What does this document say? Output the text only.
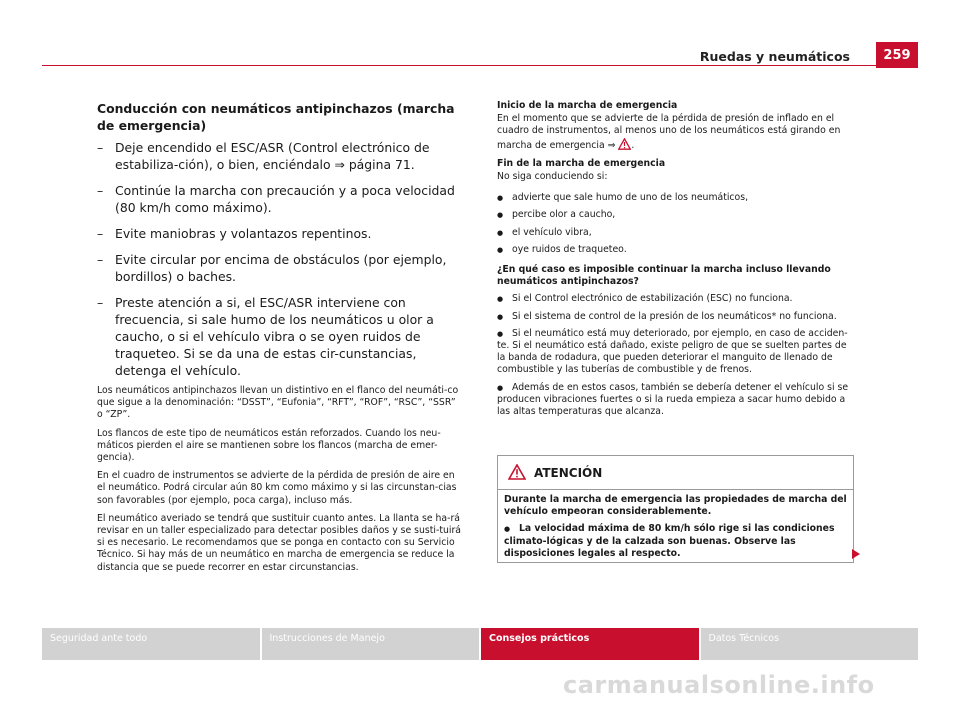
Ruedas y neumáticos	259
Conducción con neumáticos antipinchazos (marcha de emergencia)
– Deje encendido el ESC/ASR (Control electrónico de estabiliza-ción), o bien, enciéndalo ⇒ página 71.
– Continúe la marcha con precaución y a poca velocidad (80 km/h como máximo).
– Evite maniobras y volantazos repentinos.
– Evite circular por encima de obstáculos (por ejemplo, bordillos) o baches.
– Preste atención a si, el ESC/ASR interviene con frecuencia, si sale humo de los neumáticos u olor a caucho, o si el vehículo vibra o se oyen ruidos de traqueteo. Si se da una de estas cir-cunstancias, detenga el vehículo.

Los neumáticos antipinchazos llevan un distintivo en el flanco del neumáti-co que sigue a la denominación: “DSST”, “Eufonia”, “RFT”, “ROF”, “RSC”, “SSR” o “ZP”.

Los flancos de este tipo de neumáticos están reforzados. Cuando los neu-máticos pierden el aire se mantienen sobre los flancos (marcha de emer-gencia).

En el cuadro de instrumentos se advierte de la pérdida de presión de aire en el neumático. Podrá circular aún 80 km como máximo y si las circunstan-cias son favorables (por ejemplo, poca carga), incluso más.

El neumático averiado se tendrá que sustituir cuanto antes. La llanta se ha-rá revisar en un taller especializado para detectar posibles daños y se susti-tuirá si es necesario. Le recomendamos que se ponga en contacto con su Servicio Técnico. Si hay más de un neumático en marcha de emergencia se reduce la distancia que se puede recorrer en estar circunstancias.

Inicio de la marcha de emergencia

En el momento que se advierte de la pérdida de presión de inflado en el cuadro de instrumentos, al menos uno de los neumáticos está girando en marcha de emergencia ⇒ .

Fin de la marcha de emergencia

No siga conduciendo si:

● advierte que sale humo de uno de los neumáticos,
● percibe olor a caucho,
● el vehículo vibra,
● oye ruidos de traqueteo.
¿En qué caso es imposible continuar la marcha incluso llevando neumáticos antipinchazos?
● Si el Control electrónico de estabilización (ESC) no funciona.
● Si el sistema de control de la presión de los neumáticos* no funciona.
● Si el neumático está muy deteriorado, por ejemplo, en caso de acciden-te. Si el neumático está dañado, existe peligro de que se suelten partes de la banda de rodadura, que pueden deteriorar el manguito de llenado de combustible y las tuberías de combustible y de frenos.
● Además de en estos casos, también se debería detener el vehículo si se producen vibraciones fuertes o si la rueda empieza a sacar humo debido a las altas temperaturas que alcanza.
ATENCIÓN

Durante la marcha de emergencia las propiedades de marcha del vehículo empeoran considerablemente.

● La velocidad máxima de 80 km/h sólo rige si las condiciones climato-lógicas y de la calzada son buenas. Observe las disposiciones legales al respecto.

Seguridad ante todo	Instrucciones de Manejo	Consejos prácticos	Datos Técnicos
carmanualsonline.info
